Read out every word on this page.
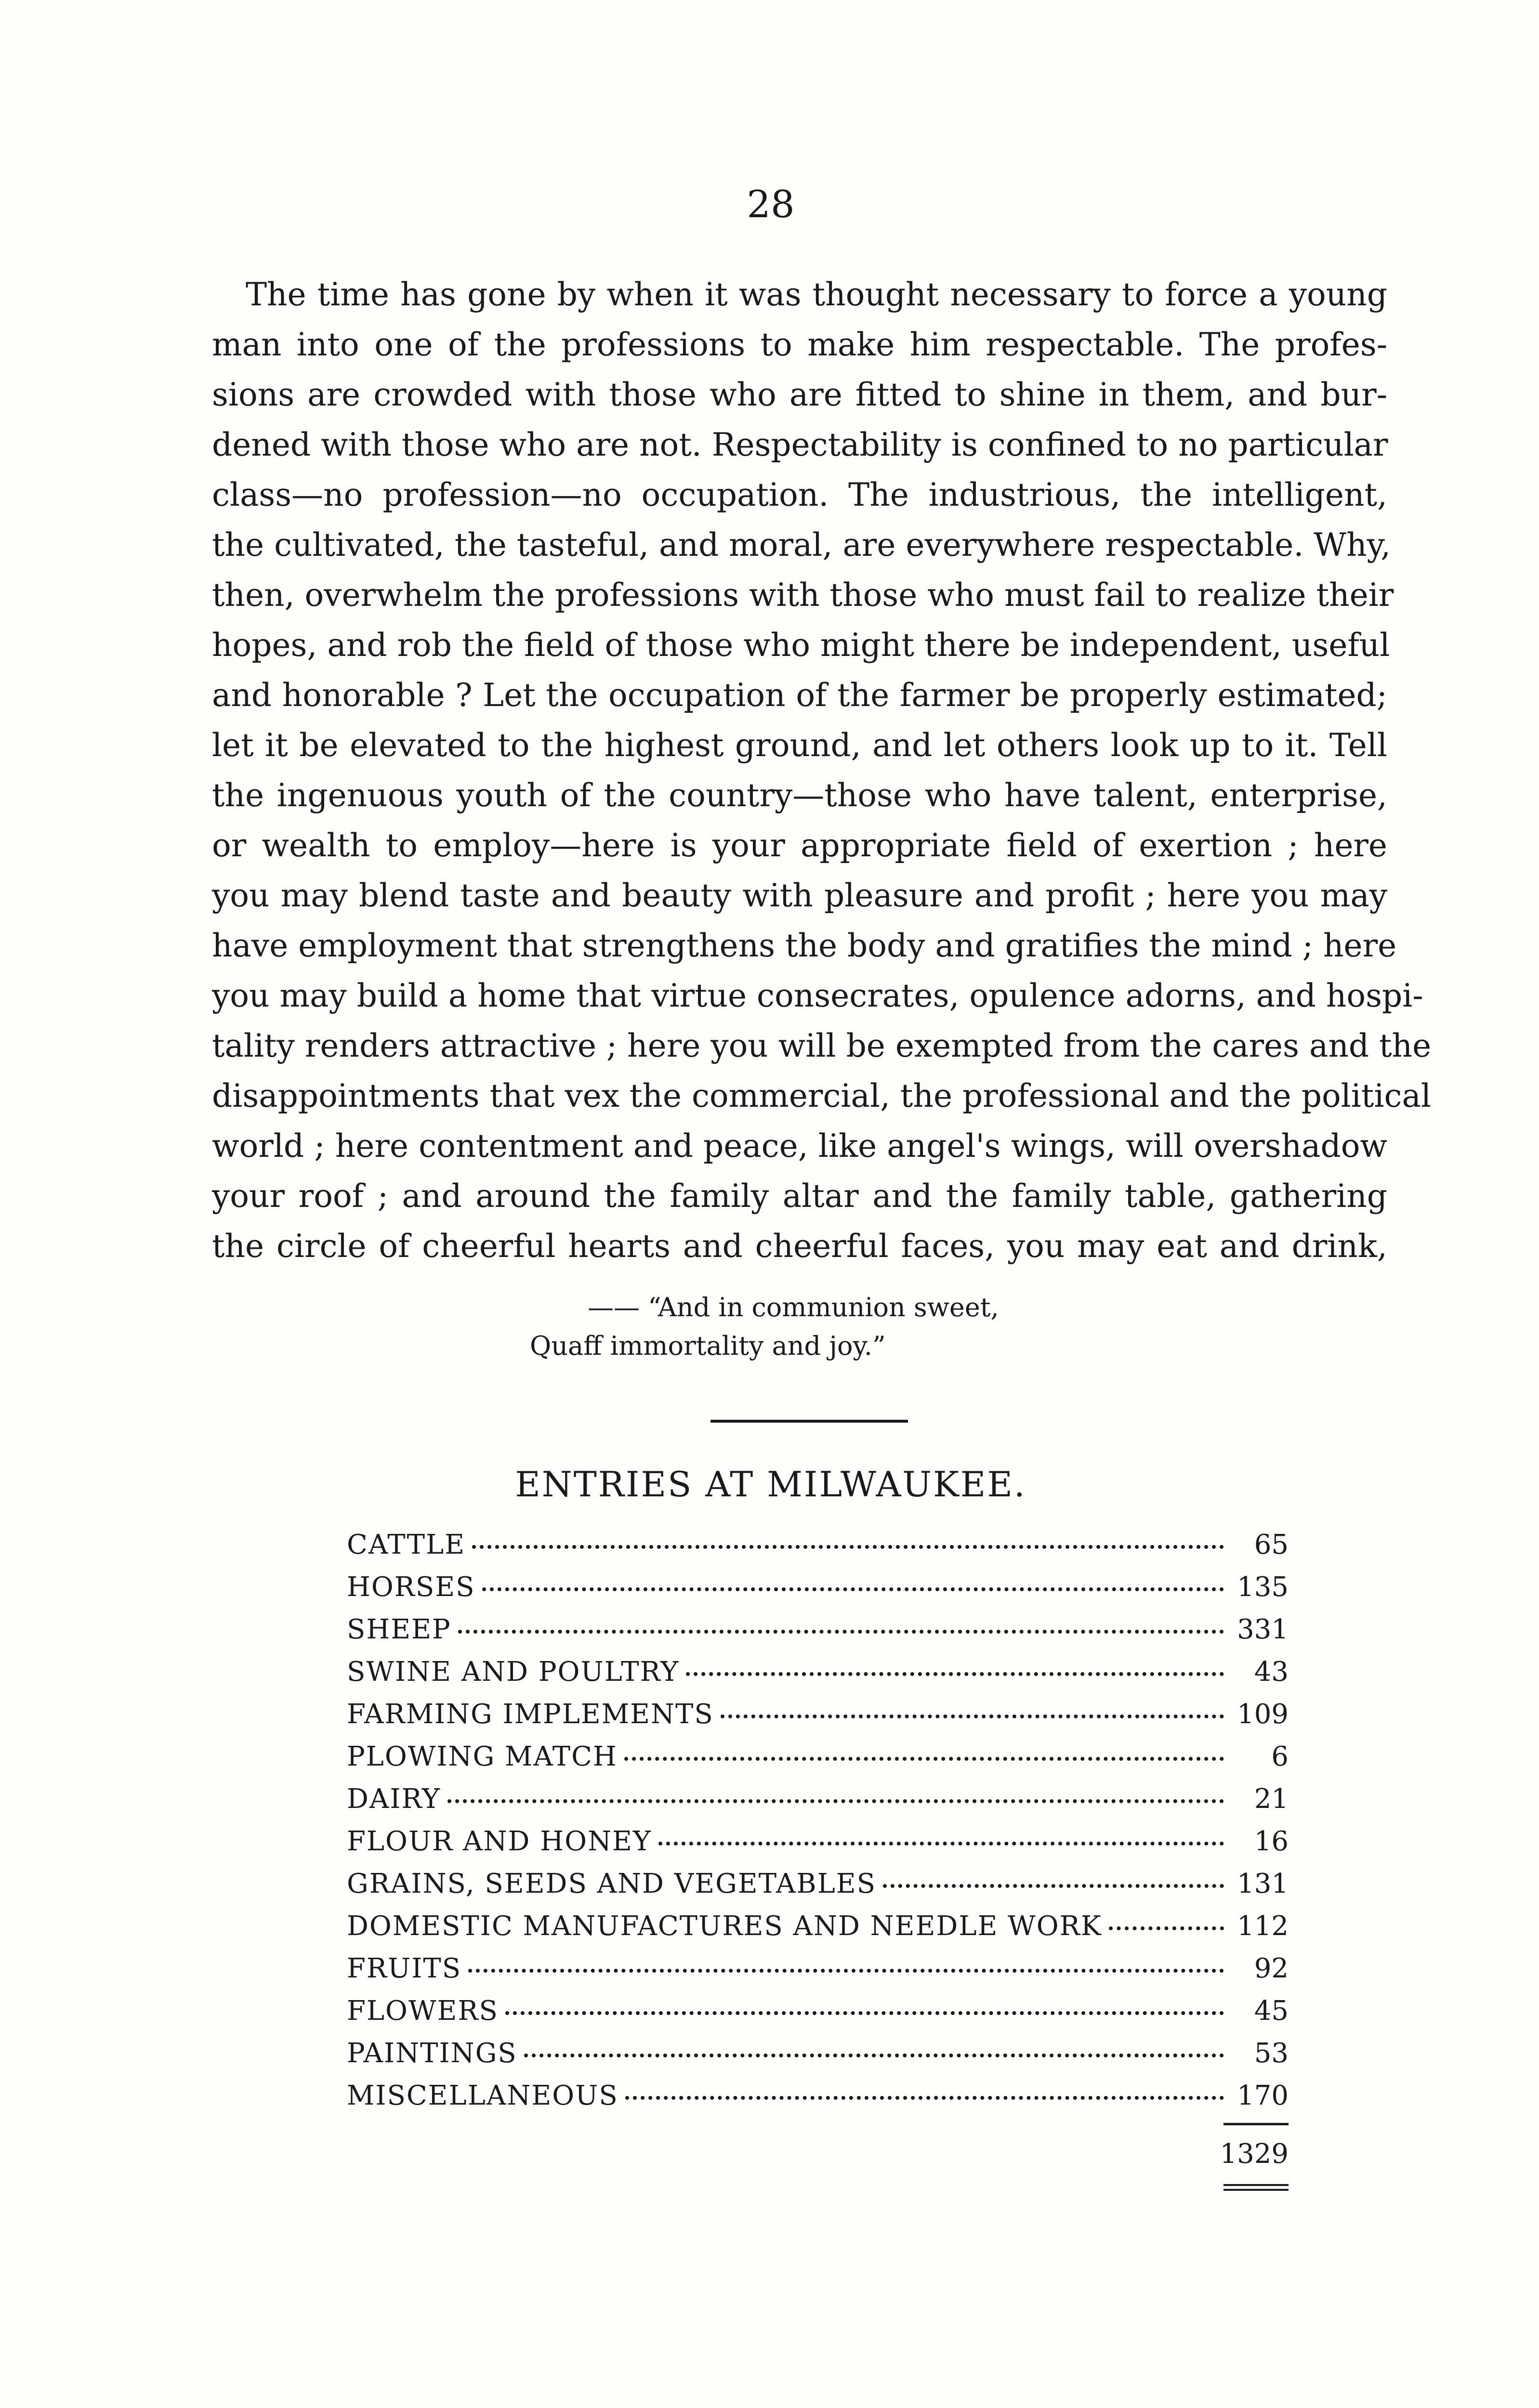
28
The time has gone by when it was thought necessary to force a young
man into one of the professions to make him respectable. The profes-
sions are crowded with those who are fitted to shine in them, and bur-
dened with those who are not. Respectability is confined to no particular
class—no profession—no occupation. The industrious, the intelligent,
the cultivated, the tasteful, and moral, are everywhere respectable. Why,
then, overwhelm the professions with those who must fail to realize their
hopes, and rob the field of those who might there be independent, useful
and honorable ? Let the occupation of the farmer be properly estimated;
let it be elevated to the highest ground, and let others look up to it. Tell
the ingenuous youth of the country—those who have talent, enterprise,
or wealth to employ—here is your appropriate field of exertion ; here
you may blend taste and beauty with pleasure and profit ; here you may
have employment that strengthens the body and gratifies the mind ; here
you may build a home that virtue consecrates, opulence adorns, and hospi-
tality renders attractive ; here you will be exempted from the cares and the
disappointments that vex the commercial, the professional and the political
world ; here contentment and peace, like angel's wings, will overshadow
your roof ; and around the family altar and the family table, gathering
the circle of cheerful hearts and cheerful faces, you may eat and drink,
—— “And in communion sweet,
Quaff immortality and joy.”
ENTRIES AT MILWAUKEE.
CATTLE	65
HORSES	135
SHEEP	331
SWINE AND POULTRY	43
FARMING IMPLEMENTS	109
PLOWING MATCH	6
DAIRY	21
FLOUR AND HONEY	16
GRAINS, SEEDS AND VEGETABLES	131
DOMESTIC MANUFACTURES AND NEEDLE WORK	112
FRUITS	92
FLOWERS	45
PAINTINGS	53
MISCELLANEOUS	170
1329
